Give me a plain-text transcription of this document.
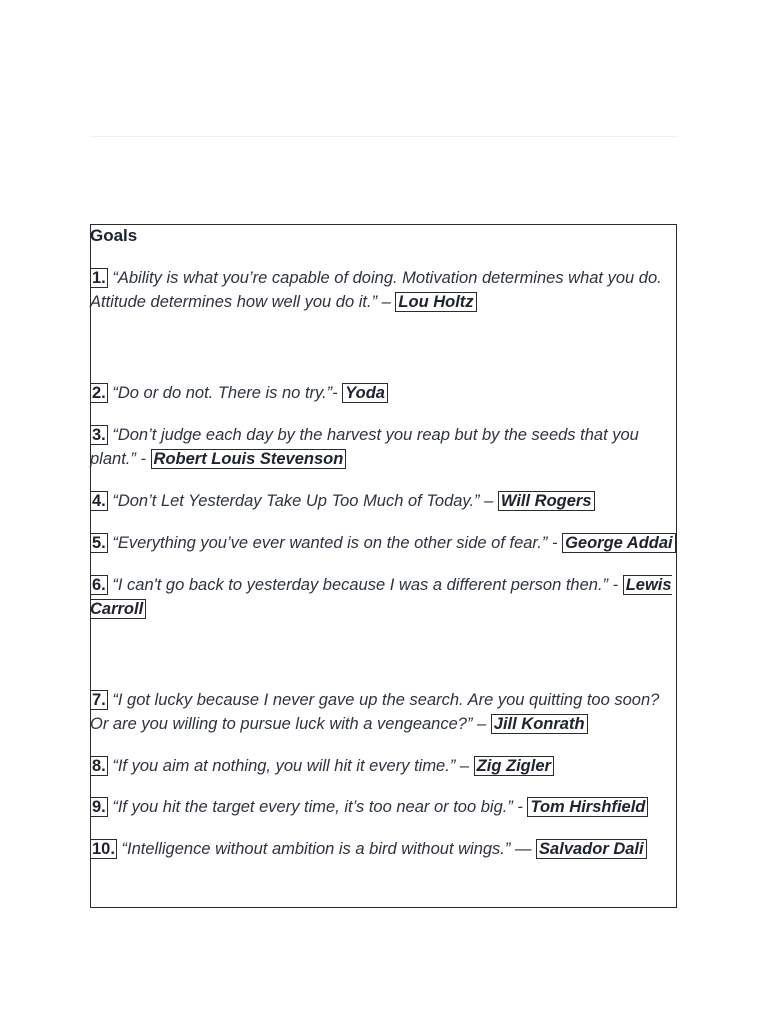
Goals
1. “Ability is what you’re capable of doing. Motivation determines what you do. Attitude determines how well you do it.” – Lou Holtz
2. “Do or do not. There is no try.”- Yoda
3. “Don’t judge each day by the harvest you reap but by the seeds that you plant.” - Robert Louis Stevenson
4. “Don’t Let Yesterday Take Up Too Much of Today.” – Will Rogers
5. “Everything you’ve ever wanted is on the other side of fear.” - George Addai
6. “I can't go back to yesterday because I was a different person then.” - Lewis Carroll
7. “I got lucky because I never gave up the search. Are you quitting too soon? Or are you willing to pursue luck with a vengeance?” – Jill Konrath
8. “If you aim at nothing, you will hit it every time.” – Zig Zigler
9. “If you hit the target every time, it’s too near or too big.” - Tom Hirshfield
10. “Intelligence without ambition is a bird without wings.” — Salvador Dali
